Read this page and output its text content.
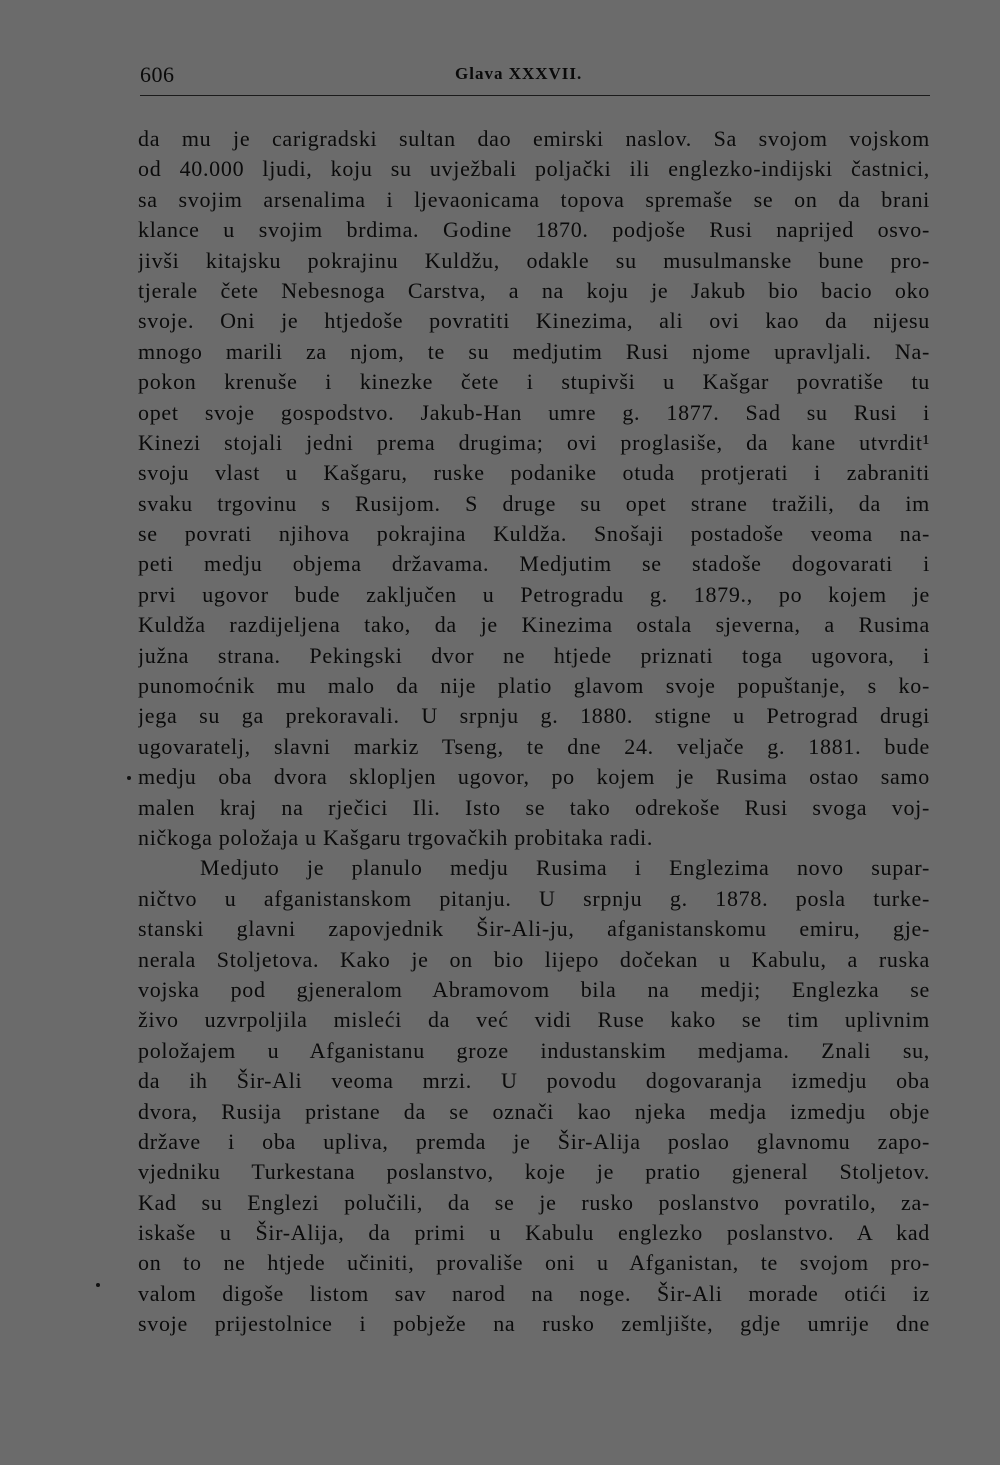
606	Glava XXXVII.
da mu je carigradski sultan dao emirski naslov. Sa svojom vojskom
od 40.000 ljudi, koju su uvježbali poljački ili englezko-indijski častnici,
sa svojim arsenalima i ljevaonicama topova spremaše se on da brani
klance u svojim brdima. Godine 1870. podjoše Rusi naprijed osvo-
jivši kitajsku pokrajinu Kuldžu, odakle su musulmanske bune pro-
tjerale čete Nebesnoga Carstva, a na koju je Jakub bio bacio oko
svoje. Oni je htjedoše povratiti Kinezima, ali ovi kao da nijesu
mnogo marili za njom, te su medjutim Rusi njome upravljali. Na-
pokon krenuše i kinezke čete i stupivši u Kašgar povratiše tu
opet svoje gospodstvo. Jakub-Han umre g. 1877. Sad su Rusi i
Kinezi stojali jedni prema drugima; ovi proglasiše, da kane utvrdit¹
svoju vlast u Kašgaru, ruske podanike otuda protjerati i zabraniti
svaku trgovinu s Rusijom. S druge su opet strane tražili, da im
se povrati njihova pokrajina Kuldža. Snošaji postadoše veoma na-
peti medju objema državama. Medjutim se stadoše dogovarati i
prvi ugovor bude zaključen u Petrogradu g. 1879., po kojem je
Kuldža razdijeljena tako, da je Kinezima ostala sjeverna, a Rusima
južna strana. Pekingski dvor ne htjede priznati toga ugovora, i
punomoćnik mu malo da nije platio glavom svoje popuštanje, s ko-
jega su ga prekoravali. U srpnju g. 1880. stigne u Petrograd drugi
ugovaratelj, slavni markiz Tseng, te dne 24. veljače g. 1881. bude
medju oba dvora sklopljen ugovor, po kojem je Rusima ostao samo
malen kraj na rječici Ili. Isto se tako odrekoše Rusi svoga voj-
ničkoga položaja u Kašgaru trgovačkih probitaka radi.
Medjuto je planulo medju Rusima i Englezima novo supar-
ničtvo u afganistanskom pitanju. U srpnju g. 1878. posla turke-
stanski glavni zapovjednik Šir-Ali-ju, afganistanskomu emiru, gje-
nerala Stoljetova. Kako je on bio lijepo dočekan u Kabulu, a ruska
vojska pod gjeneralom Abramovom bila na medji; Englezka se
živo uzvrpoljila misleći da već vidi Ruse kako se tim uplivnim
položajem u Afganistanu groze industanskim medjama. Znali su,
da ih Šir-Ali veoma mrzi. U povodu dogovaranja izmedju oba
dvora, Rusija pristane da se označi kao njeka medja izmedju obje
države i oba upliva, premda je Šir-Alija poslao glavnomu zapo-
vjedniku Turkestana poslanstvo, koje je pratio gjeneral Stoljetov.
Kad su Englezi polučili, da se je rusko poslanstvo povratilo, za-
iskaše u Šir-Alija, da primi u Kabulu englezko poslanstvo. A kad
on to ne htjede učiniti, provališe oni u Afganistan, te svojom pro-
valom digoše listom sav narod na noge. Šir-Ali morade otići iz
svoje prijestolnice i pobježe na rusko zemljište, gdje umrije dne
